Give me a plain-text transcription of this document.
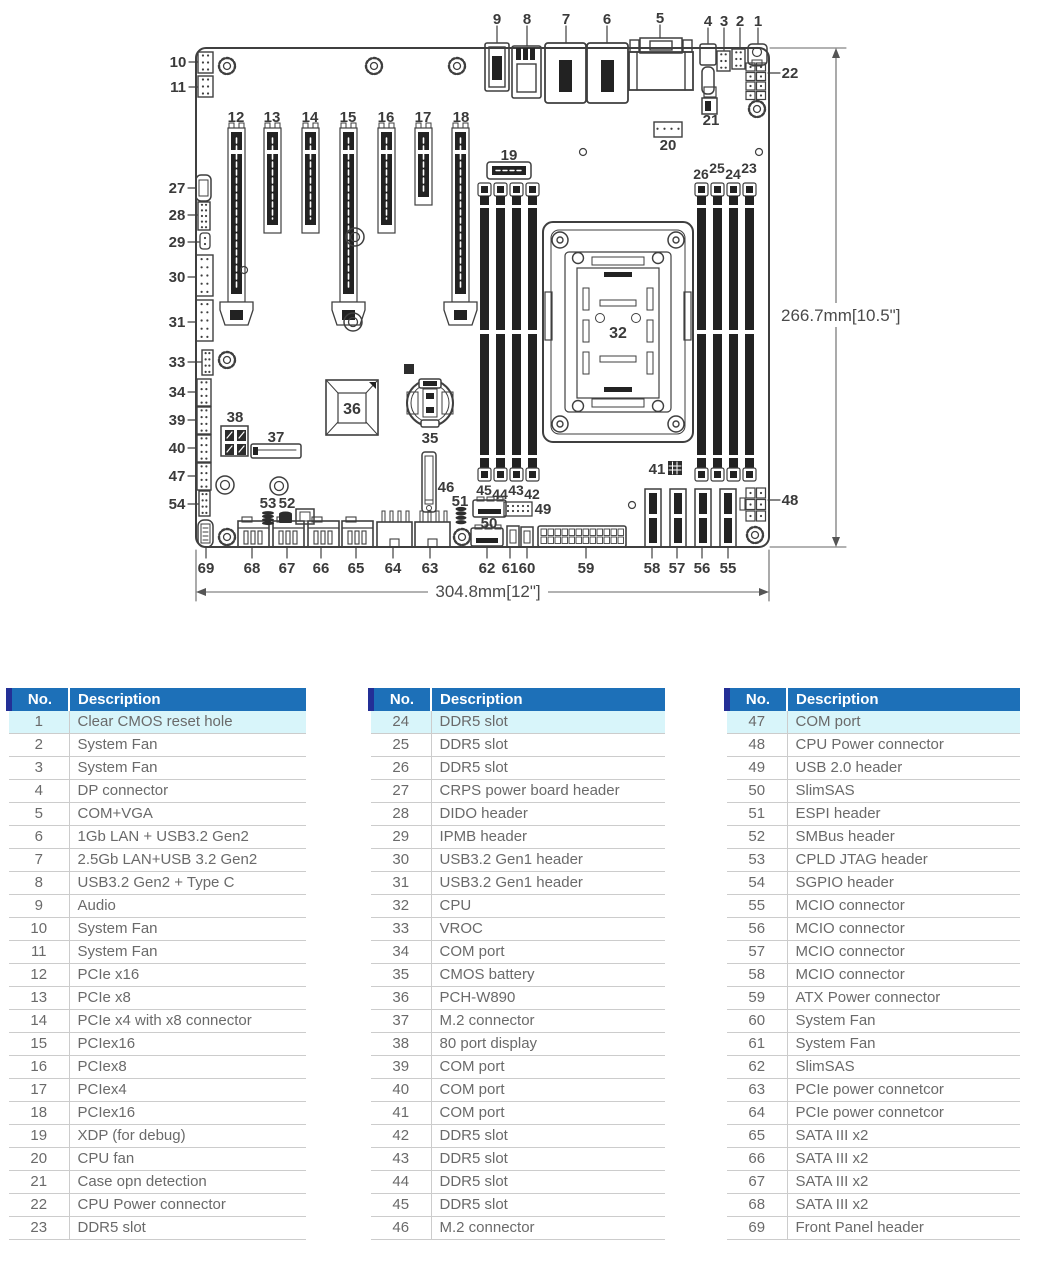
266.7mm[10.5"]
304.8mm[12"]
1
2
3
4
5
6
7
8
9
10
11
12 13 14 15 16 17 18
19
20
21
22
23
24
25
26
27
28
29
30
31
32
33
34
35
36
37
38
39
40
41
42
43
44
45
46
47
48
49
50
51
52
53
54
55
56
57
58
59
60
61
62
63
64
65
66
67
68
69
No.	Description
1	Clear CMOS reset hole
2	System Fan
3	System Fan
4	DP connector
5	COM+VGA
6	1Gb LAN + USB3.2 Gen2
7	2.5Gb LAN+USB 3.2 Gen2
8	USB3.2 Gen2 + Type C
9	Audio
10	System Fan
11	System Fan
12	PCIe x16
13	PCIe x8
14	PCIe x4 with x8 connector
15	PCIex16
16	PCIex8
17	PCIex4
18	PCIex16
19	XDP (for debug)
20	CPU fan
21	Case opn detection
22	CPU Power connector
23	DDR5 slot
No.	Description
24	DDR5 slot
25	DDR5 slot
26	DDR5 slot
27	CRPS power board header
28	DIDO header
29	IPMB header
30	USB3.2 Gen1 header
31	USB3.2 Gen1 header
32	CPU
33	VROC
34	COM port
35	CMOS battery
36	PCH-W890
37	M.2 connector
38	80 port display
39	COM port
40	COM port
41	COM port
42	DDR5 slot
43	DDR5 slot
44	DDR5 slot
45	DDR5 slot
46	M.2 connector
No.	Description
47	COM port
48	CPU Power connector
49	USB 2.0 header
50	SlimSAS
51	ESPI header
52	SMBus header
53	CPLD JTAG header
54	SGPIO header
55	MCIO connector
56	MCIO connector
57	MCIO connector
58	MCIO connector
59	ATX Power connector
60	System Fan
61	System Fan
62	SlimSAS
63	PCIe power connetcor
64	PCIe power connetcor
65	SATA III x2
66	SATA III x2
67	SATA III x2
68	SATA III x2
69	Front Panel header
